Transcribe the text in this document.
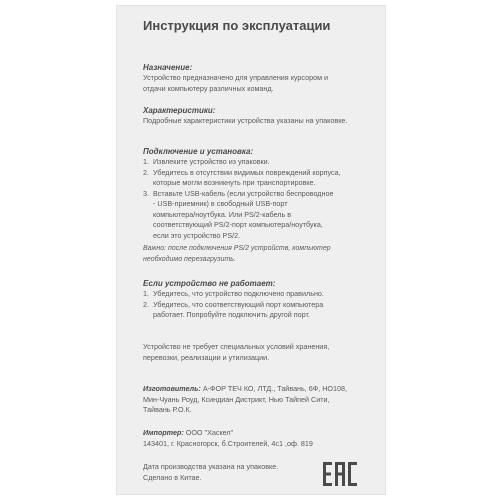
Инструкция по эксплуатации
Назначение:
Устройство предназначено для управления курсором и
отдачи компьютеру различных команд.
Характеристики:
Подробные характеристики устройства указаны на упаковке.
Подключение и установка:
1. Извлеките устройство из упаковки.
2. Убедитесь в отсутствии видимых повреждений корпуса,
которые могли возникнуть при транспортировке.
3. Вставьте USB-кабель (если устройство беспроводное
- USB-приемник) в свободный USB-порт
компьютера/ноутбука. Или PS/2-кабель в
соответствующий PS/2-порт компьютера/ноутбука,
если это устройство PS/2.
Важно: после подключения PS/2 устройств, компьютер
необходимо перезагрузить.
Если устройство не работает:
1. Убедитесь, что устройство подключено правильно.
2. Убедитесь, что соответствующий порт компьютера
работает. Попробуйте подключить другой порт.
Устройство не требует специальных условий хранения,
перевозки, реализации и утилизации.
Изготовитель: А-ФОР ТЕЧ КО, ЛТД., Тайвань, 6Ф, НО108,
Мин-Чуань Роуд, Ксиндиан Дистрикт, Нью Тайпей Сити,
Тайвань Р.О.К.
Импортер: ООО "Хаскел"
143401, г. Красногорск, б.Строителей, 4с1 ,оф. 819
Дата производства указана на упаковке.
Сделано в Китае.
